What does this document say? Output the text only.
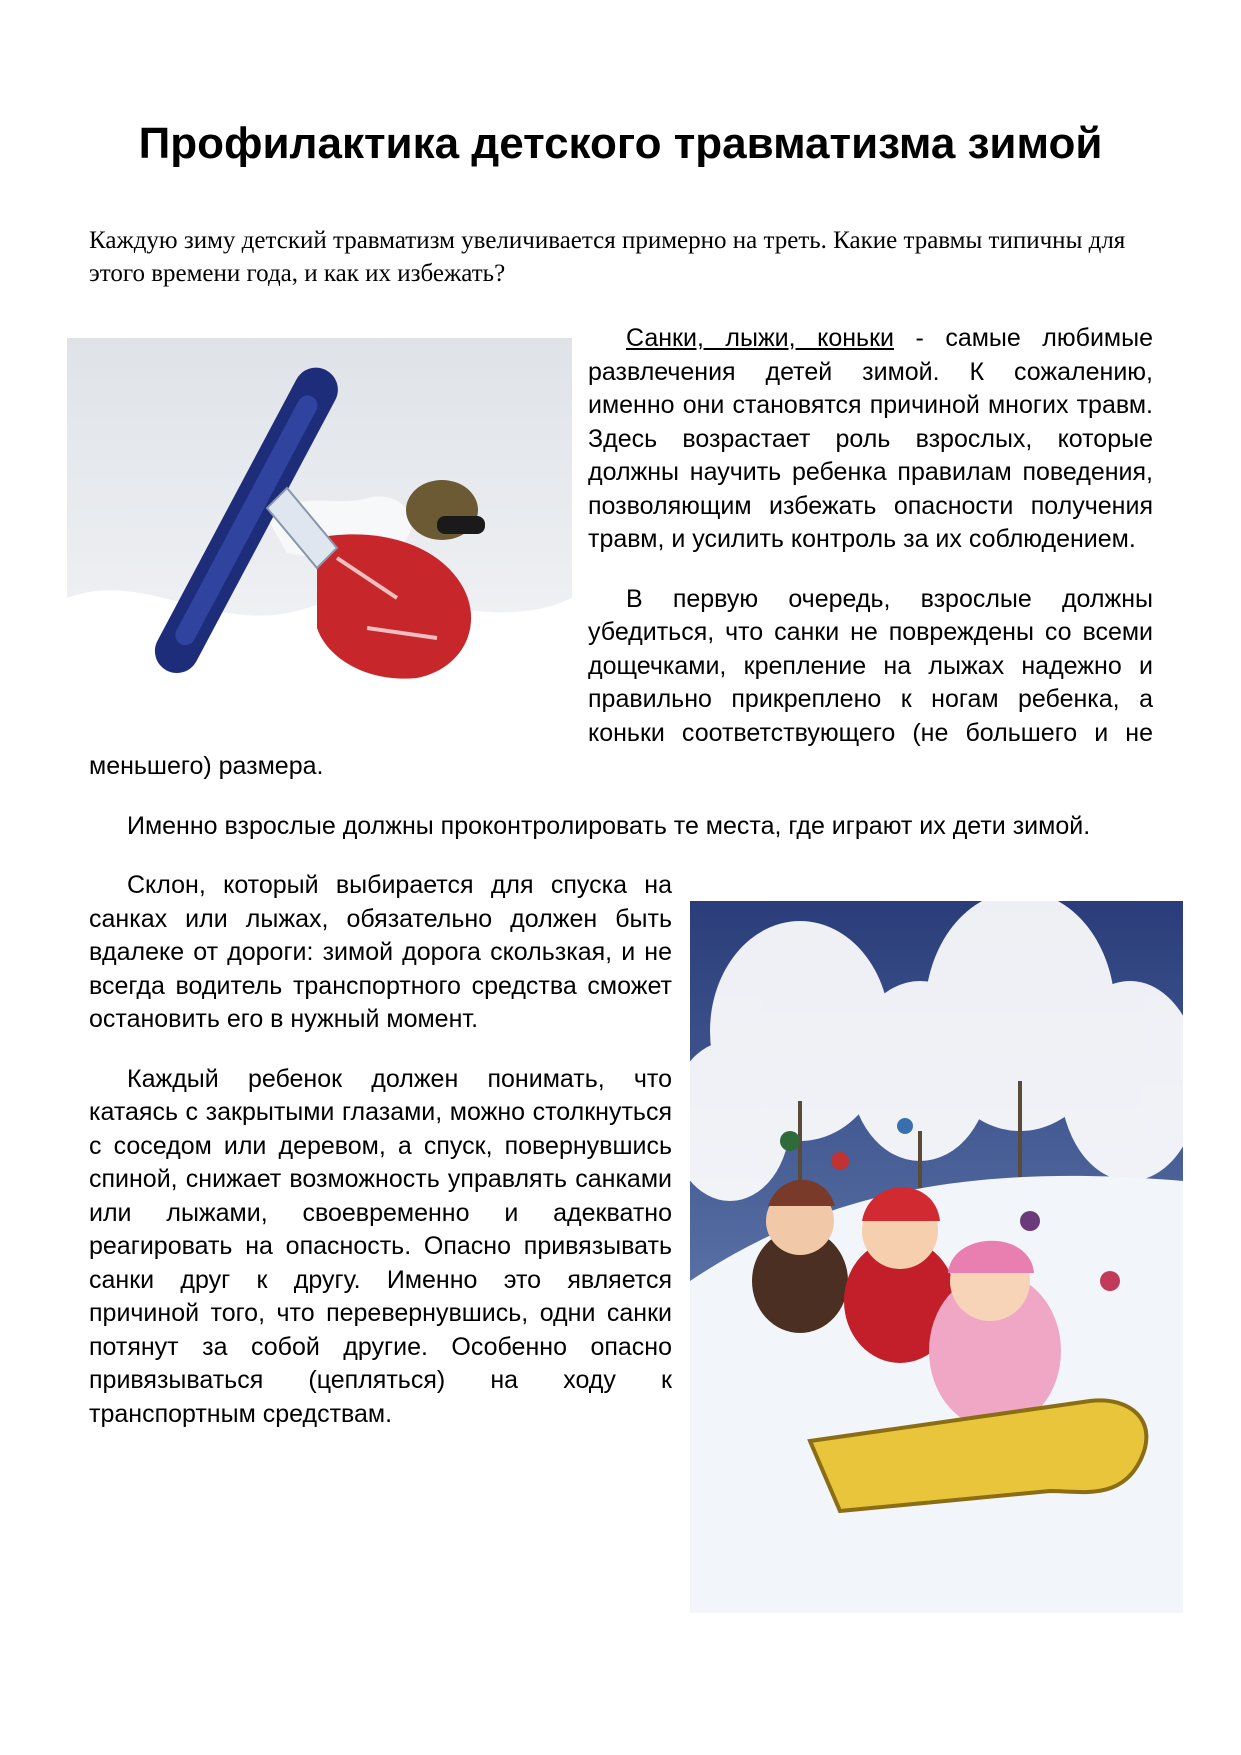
Профилактика детского травматизма зимой

Каждую зиму детский травматизм увеличивается примерно на треть. Какие травмы типичны для этого времени года, и как их избежать?

Санки, лыжи, коньки - самые любимые развлечения детей зимой. К сожалению, именно они становятся причиной многих травм. Здесь возрастает роль взрослых, которые должны научить ребенка правилам поведения, позволяющим избежать опасности получения травм, и усилить контроль за их соблюдением.

В первую очередь, взрослые должны убедиться, что санки не повреждены со всеми дощечками, крепление на лыжах надежно и правильно прикреплено к ногам ребенка, а коньки соответствующего (не большего и не меньшего) размера.

Именно взрослые должны проконтролировать те места, где играют их дети зимой.

Склон, который выбирается для спуска на санках или лыжах, обязательно должен быть вдалеке от дороги: зимой дорога скользкая, и не всегда водитель транспортного средства сможет остановить его в нужный момент.

Каждый ребенок должен понимать, что катаясь с закрытыми глазами, можно столкнуться с соседом или деревом, а спуск, повернувшись спиной, снижает возможность управлять санками или лыжами, своевременно и адекватно реагировать на опасность. Опасно привязывать санки друг к другу. Именно это является причиной того, что перевернувшись, одни санки потянут за собой другие. Особенно опасно привязываться (цепляться) на ходу к транспортным средствам.
